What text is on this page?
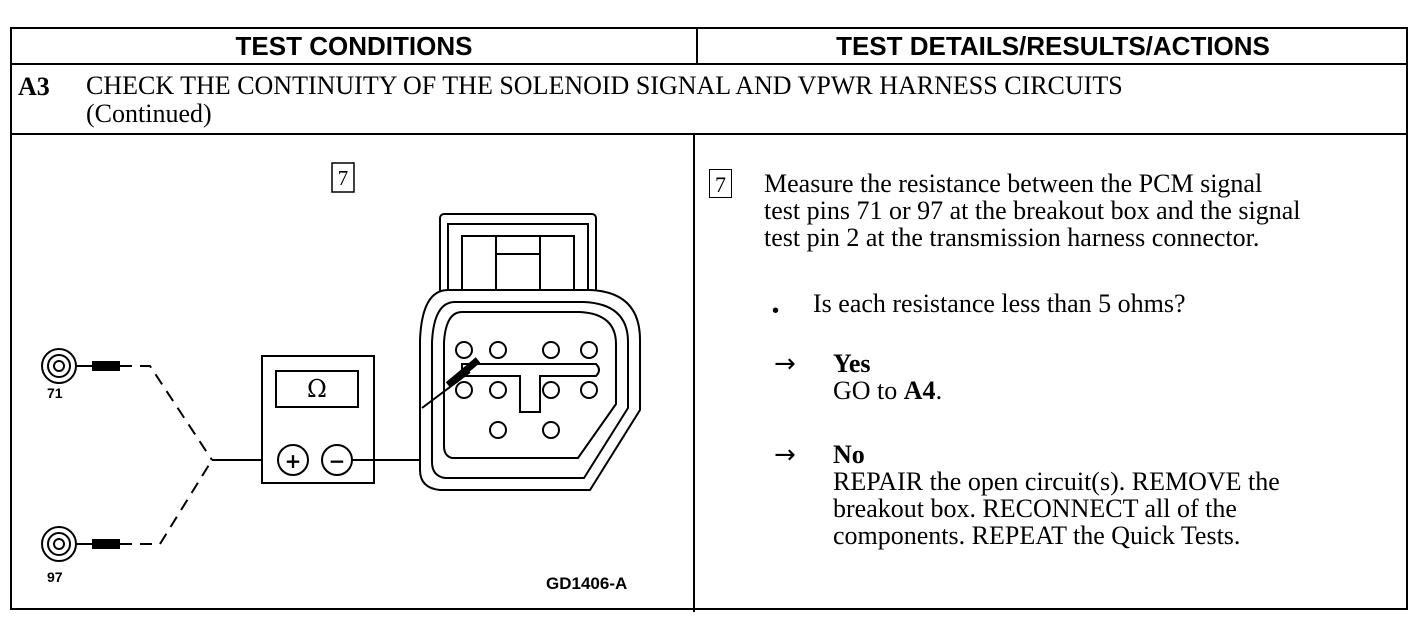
TEST CONDITIONS	TEST DETAILS/RESULTS/ACTIONS
A3 CHECK THE CONTINUITY OF THE SOLENOID SIGNAL AND VPWR HARNESS CIRCUITS
(Continued)
7
71
97
Ω
+ −
GD1406-A
7 Measure the resistance between the PCM signal
test pins 71 or 97 at the breakout box and the signal
test pin 2 at the transmission harness connector.
• Is each resistance less than 5 ohms?
→ Yes
GO to A4.
→ No
REPAIR the open circuit(s). REMOVE the
breakout box. RECONNECT all of the
components. REPEAT the Quick Tests.
